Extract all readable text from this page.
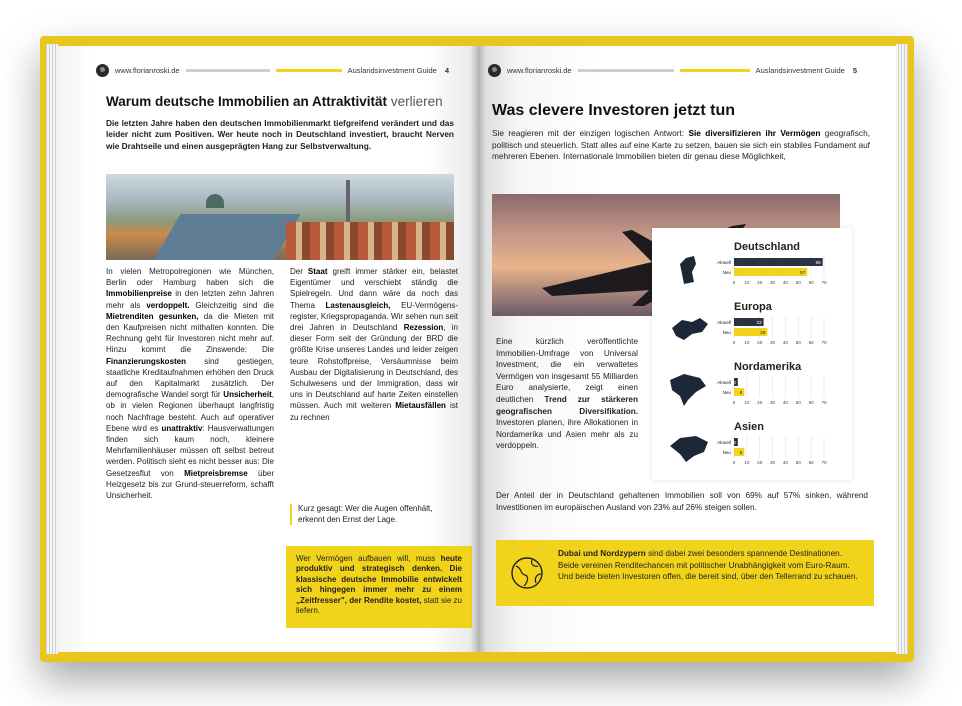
www.florianroski.de	Auslandsinvestment Guide 4
Warum deutsche Immobilien an Attraktivität verlieren

Die letzten Jahre haben den deutschen Immobilienmarkt tiefgreifend verändert und das leider nicht zum Positiven. Wer heute noch in Deutschland investiert, braucht Nerven wie Drahtseile und einen ausgeprägten Hang zur Selbstverwaltung.

In vielen Metropolregionen wie München, Berlin oder Hamburg haben sich die Immobilienpreise in den letzten zehn Jahren mehr als verdoppelt. Gleichzeitig sind die Mietrenditen gesunken, da die Mieten mit den Kaufpreisen nicht mithalten konnten. Die Rechnung geht für Investoren nicht mehr auf. Hinzu kommt die Zinswende: Die Finanzierungskosten sind gestiegen, staatliche Kreditaufnahmen erhöhen den Druck auf den Kapitalmarkt zusätzlich. Der demografische Wandel sorgt für Unsicherheit, ob in vielen Regionen überhaupt langfristig noch Nachfrage besteht. Auch auf operativer Ebene wird es unattraktiv: Hausverwaltungen finden sich kaum noch, kleinere Mehrfamilienhäuser müssen oft selbst betreut werden. Politisch sieht es nicht besser aus: Die Gesetzesflut von Mietpreisbremse über Heizgesetz bis zur Grund-steuerreform, schafft Unsicherheit.
Der Staat greift immer stärker ein, belastet Eigentümer und verschiebt ständig die Spielregeln. Und dann wäre da noch das Thema Lastenausgleich, EU-Vermögens-register, Kriegspropaganda. Wir sehen nun seit drei Jahren in Deutschland Rezession, in dieser Form seit der Gründung der BRD die größte Krise unseres Landes und leider zeigen teure Rohstoffpreise, Versäumnisse beim Ausbau der Digitalisierung in Deutschland, des Schulwesens und der Immigration, dass wir uns in Deutschland auf harte Zeiten einstellen müssen. Auch mit weiteren Mietausfällen ist zu rechnen
Kurz gesagt: Wer die Augen offenhält, erkennt den Ernst der Lage.
Wer Vermögen aufbauen will, muss heute produktiv und strategisch denken. Die klassische deutsche Immobilie entwickelt sich hingegen immer mehr zu einem „Zeitfresser", der Rendite kostet, statt sie zu liefern.
www.florianroski.de	Auslandsinvestment Guide 5
Was clevere Investoren jetzt tun

Sie reagieren mit der einzigen logischen Antwort: Sie diversifizieren ihr Vermögen geografisch, politisch und steuerlich. Statt alles auf eine Karte zu setzen, bauen sie sich ein stabiles Fundament auf mehreren Ebenen. Internationale Immobilien bieten dir genau diese Möglichkeit,

Deutschland
Aktuell	69
Neu	57
0 10 20 30 40 50 60 70
Europa
Aktuell	23
Neu	26
0 10 20 30 40 50 60 70
Nordamerika
Aktuell 3
Neu 8
0 10 20 30 40 50 60 70
Asien
Aktuell 3
Neu 8
0 10 20 30 40 50 60 70

Eine kürzlich veröffentlichte Immobilien-Umfrage von Universal Investment, die ein verwaltetes Vermögen von insgesamt 55 Milliarden Euro analysierte, zeigt einen deutlichen Trend zur stärkeren geografischen Diversifikation. Investoren planen, ihre Allokationen in Nordamerika und Asien mehr als zu verdoppeln.

Der Anteil der in Deutschland gehaltenen Immobilien soll von 69% auf 57% sinken, während Investitionen im europäischen Ausland von 23% auf 26% steigen sollen.

Dubai und Nordzypern sind dabei zwei besonders spannende Destinationen. Beide vereinen Renditechancen mit politischer Unabhängigkeit vom Euro-Raum. Und beide bieten Investoren offen, die bereit sind, über den Tellerrand zu schauen.
